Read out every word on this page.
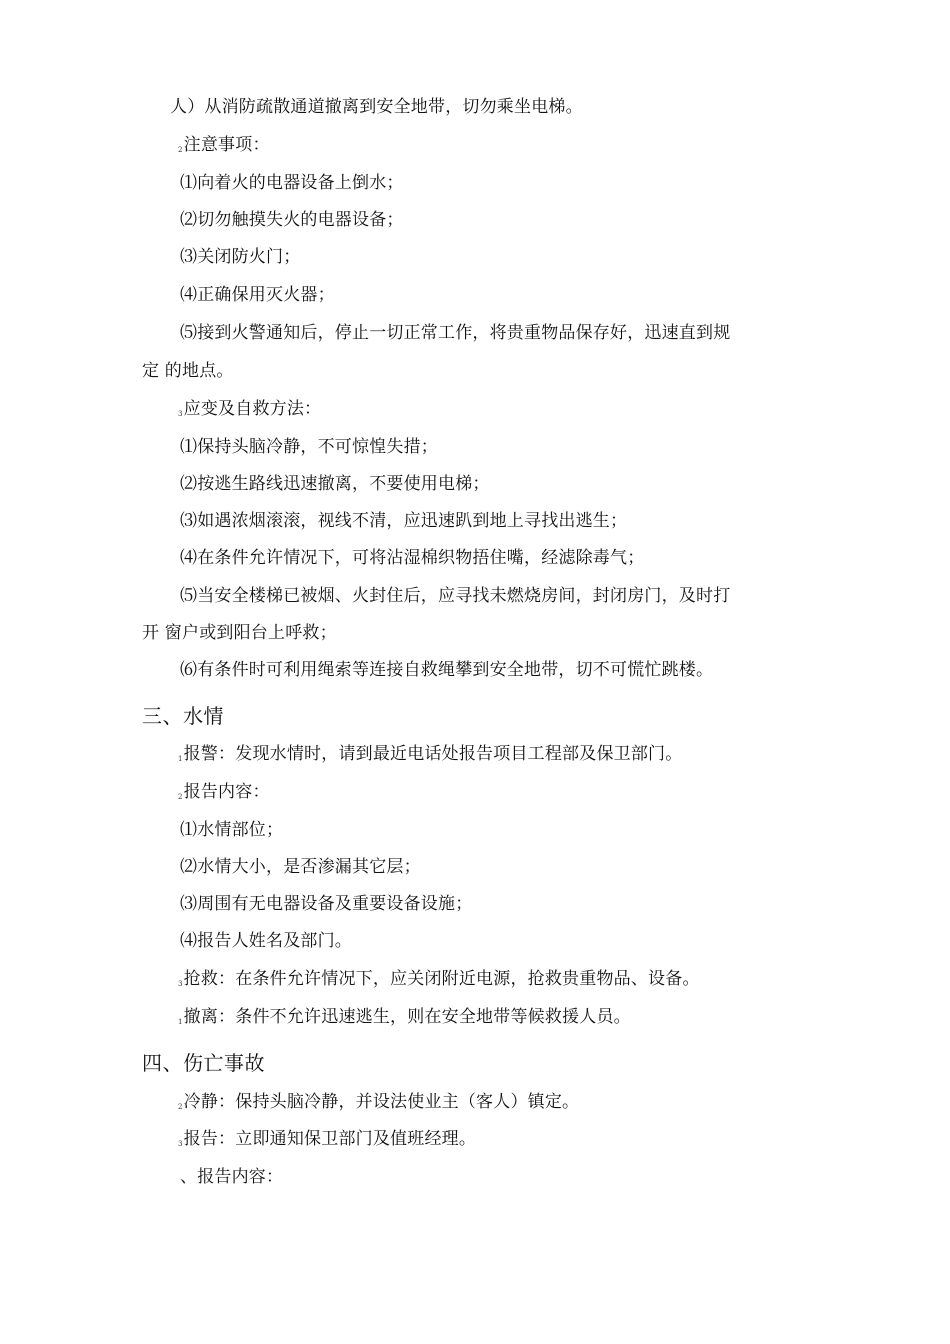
人）从消防疏散通道撤离到安全地带，切勿乘坐电梯。
2注意事项：
⑴向着火的电器设备上倒水；
⑵切勿触摸失火的电器设备；
⑶关闭防火门；
⑷正确保用灭火器；
⑸接到火警通知后，停止一切正常工作，将贵重物品保存好，迅速直到规
定 的地点。
3应变及自救方法：
⑴保持头脑冷静，不可惊惶失措；
⑵按逃生路线迅速撤离，不要使用电梯；
⑶如遇浓烟滚滚，视线不清，应迅速趴到地上寻找出逃生；
⑷在条件允许情况下，可将沾湿棉织物捂住嘴，经滤除毒气；
⑸当安全楼梯已被烟、火封住后，应寻找未燃烧房间，封闭房门，及时打
开 窗户或到阳台上呼救；
⑹有条件时可利用绳索等连接自救绳攀到安全地带，切不可慌忙跳楼。
三、水情
1报警：发现水情时，请到最近电话处报告项目工程部及保卫部门。
2报告内容：
⑴水情部位；
⑵水情大小，是否渗漏其它层；
⑶周围有无电器设备及重要设备设施；
⑷报告人姓名及部门。
3抢救：在条件允许情况下，应关闭附近电源，抢救贵重物品、设备。
1撤离：条件不允许迅速逃生，则在安全地带等候救援人员。
四、伤亡事故
2冷静：保持头脑冷静，并设法使业主（客人）镇定。
3报告：立即通知保卫部门及值班经理。
、报告内容：
